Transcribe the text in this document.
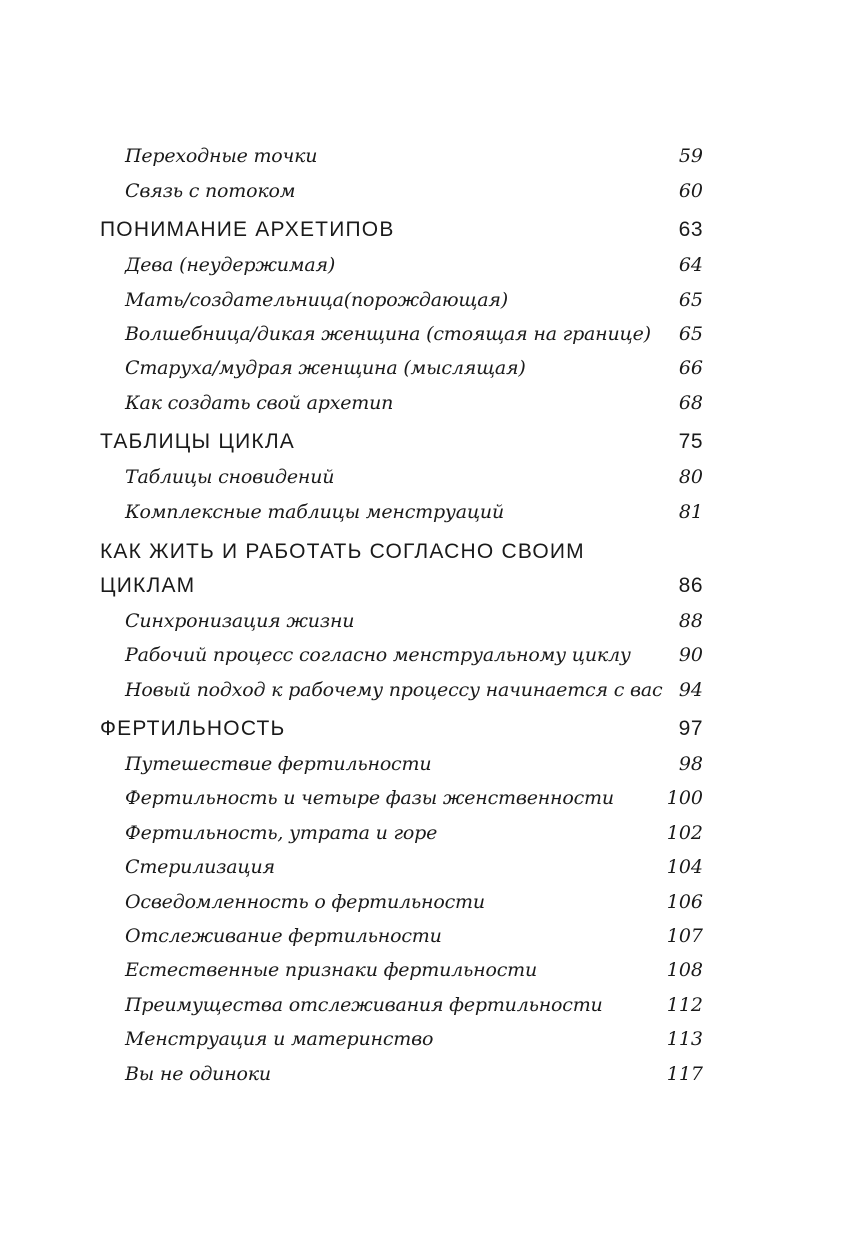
Переходные точки	59
Связь с потоком	60
ПОНИМАНИЕ АРХЕТИПОВ	63
Дева (неудержимая)	64
Мать/создательница(порождающая)	65
Волшебница/дикая женщина (стоящая на границе) 65
Старуха/мудрая женщина (мыслящая)	66
Как создать свой архетип	68
ТАБЛИЦЫ ЦИКЛА	75
Таблицы сновидений	80
Комплексные таблицы менструаций	81
КАК ЖИТЬ И РАБОТАТЬ СОГЛАСНО СВОИМ
ЦИКЛАМ	86
Синхронизация жизни	88
Рабочий процесс согласно менструальному циклу	90
Новый подход к рабочему процессу начинается с вас 94
ФЕРТИЛЬНОСТЬ	97
Путешествие фертильности	98
Фертильность и четыре фазы женственности	100
Фертильность, утрата и горе	102
Стерилизация	104
Осведомленность о фертильности	106
Отслеживание фертильности	107
Естественные признаки фертильности	108
Преимущества отслеживания фертильности	112
Менструация и материнство	113
Вы не одиноки	117
